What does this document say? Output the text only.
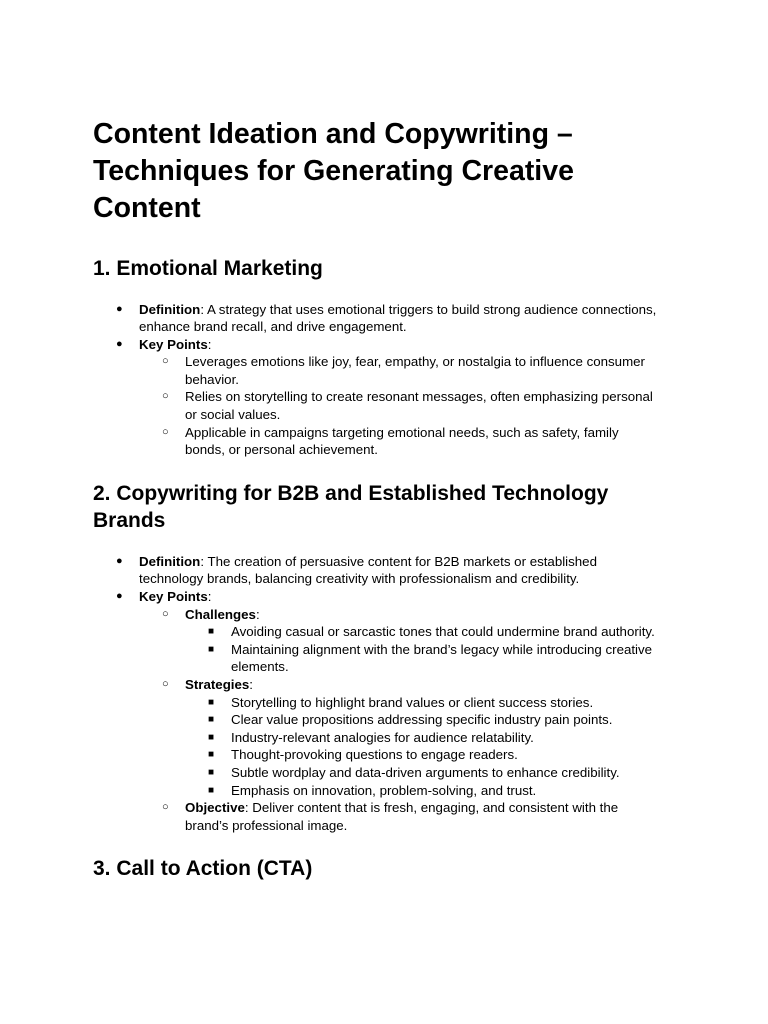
Content Ideation and Copywriting – Techniques for Generating Creative Content
1. Emotional Marketing
● Definition: A strategy that uses emotional triggers to build strong audience connections, enhance brand recall, and drive engagement.
● Key Points:
○ Leverages emotions like joy, fear, empathy, or nostalgia to influence consumer behavior.
○ Relies on storytelling to create resonant messages, often emphasizing personal or social values.
○ Applicable in campaigns targeting emotional needs, such as safety, family bonds, or personal achievement.
2. Copywriting for B2B and Established Technology Brands
● Definition: The creation of persuasive content for B2B markets or established technology brands, balancing creativity with professionalism and credibility.
● Key Points:
○ Challenges:
■ Avoiding casual or sarcastic tones that could undermine brand authority.
■ Maintaining alignment with the brand’s legacy while introducing creative elements.
○ Strategies:
■ Storytelling to highlight brand values or client success stories.
■ Clear value propositions addressing specific industry pain points.
■ Industry-relevant analogies for audience relatability.
■ Thought-provoking questions to engage readers.
■ Subtle wordplay and data-driven arguments to enhance credibility.
■ Emphasis on innovation, problem-solving, and trust.
○ Objective: Deliver content that is fresh, engaging, and consistent with the brand’s professional image.
3. Call to Action (CTA)
